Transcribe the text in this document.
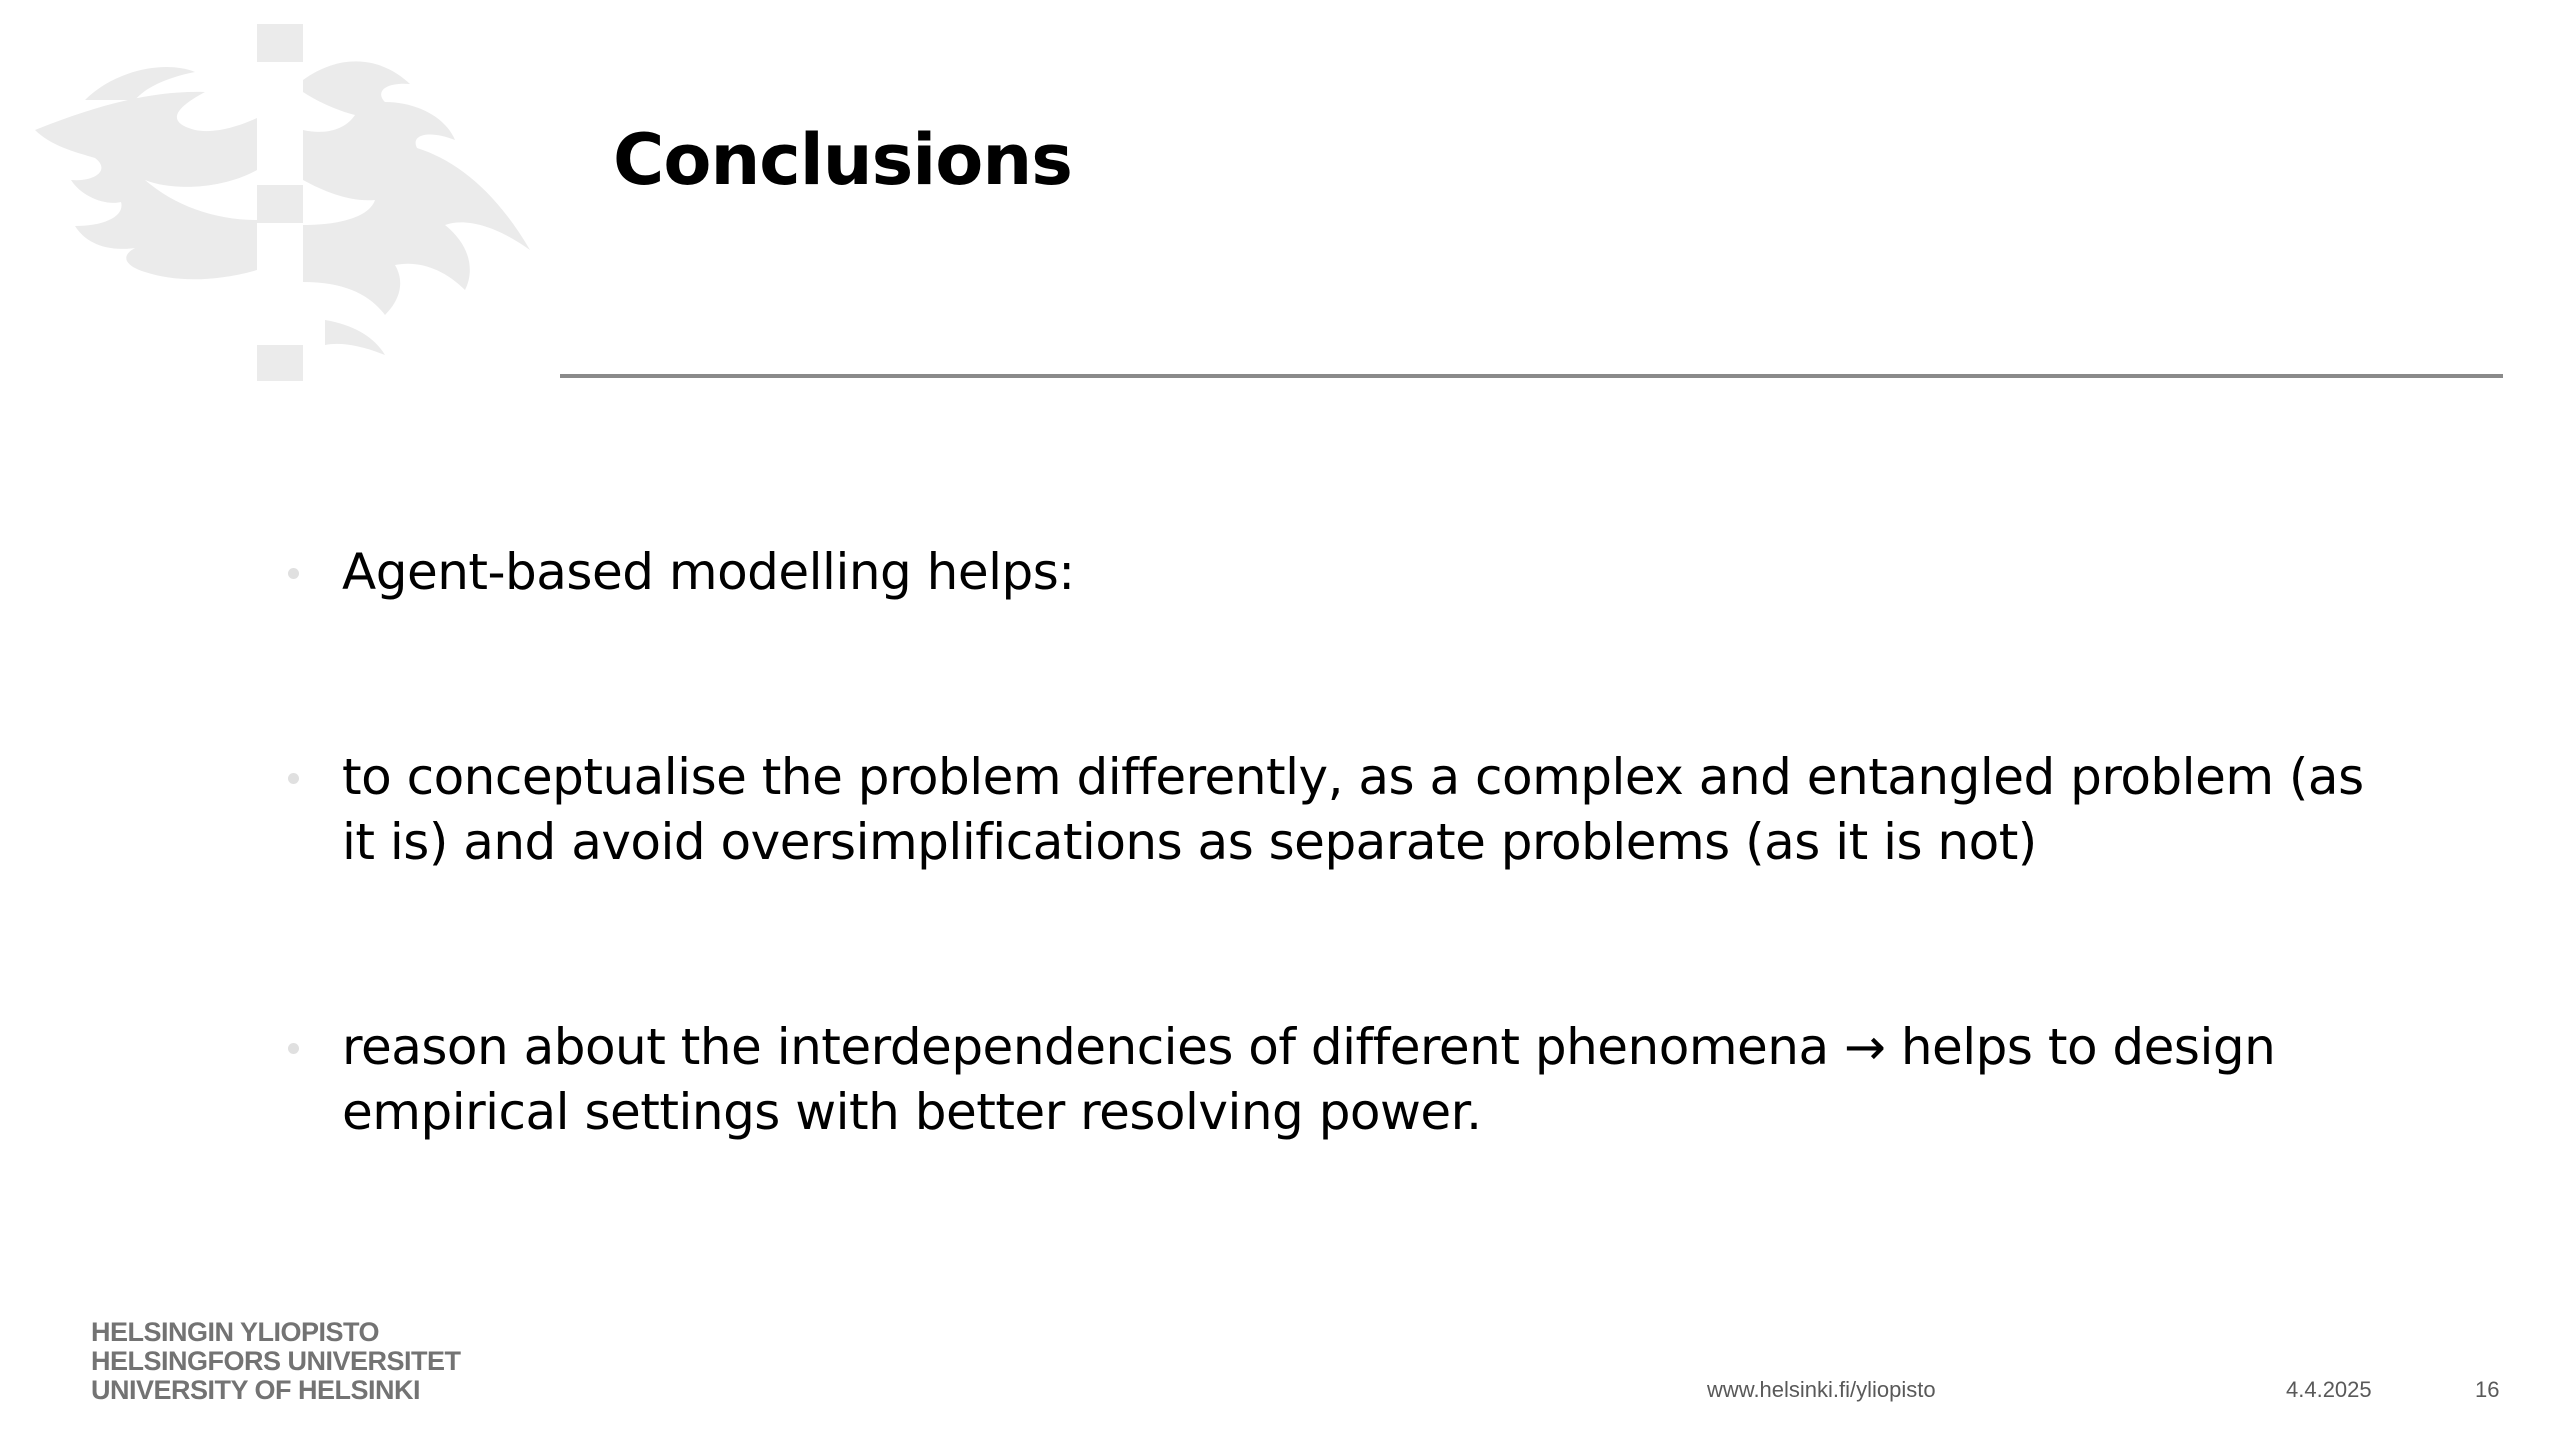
Conclusions
Agent-based modelling helps:
to conceptualise the problem differently, as a complex and entangled problem (as it is) and avoid oversimplifications as separate problems (as it is not)
reason about the interdependencies of different phenomena → helps to design empirical settings with better resolving power.
HELSINGIN YLIOPISTO
HELSINGFORS UNIVERSITET
UNIVERSITY OF HELSINKI	www.helsinki.fi/yliopisto	4.4.2025	16
